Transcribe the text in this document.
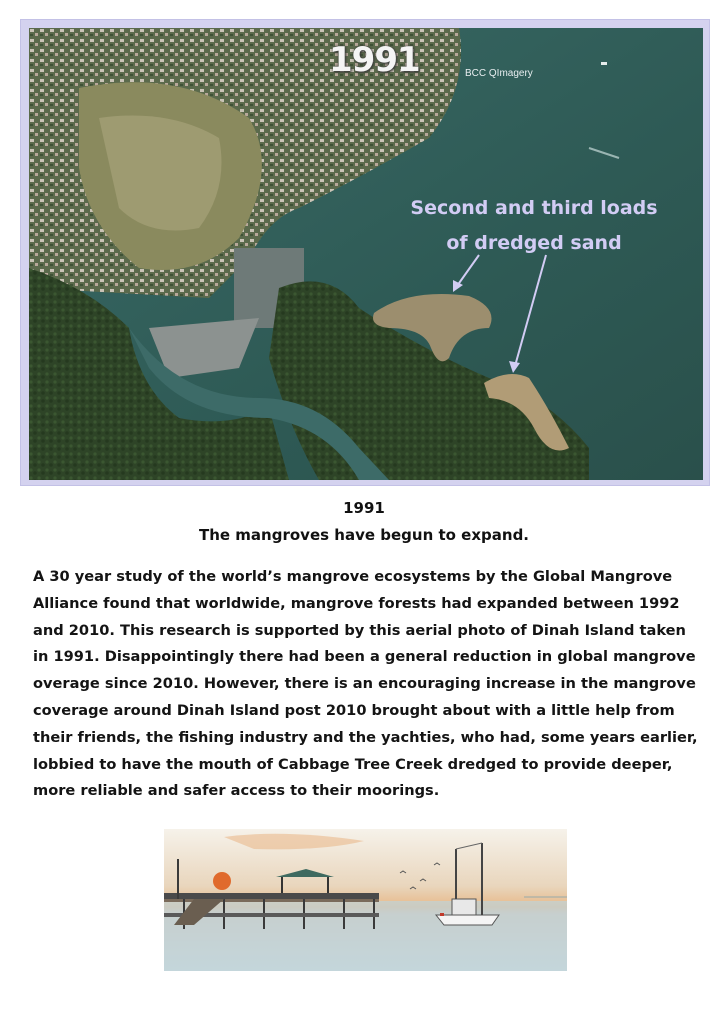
1991	BCC QImagery
Second and third loads
of dredged sand
1991
The mangroves have begun to expand.

A 30 year study of the world’s mangrove ecosystems by the Global Mangrove Alliance found that worldwide, mangrove forests had expanded between 1992 and 2010. This research is supported by this aerial photo of Dinah Island taken in 1991. Disappointingly there had been a general reduction in global mangrove overage since 2010. However, there is an encouraging increase in the mangrove coverage around Dinah Island post 2010 brought about with a little help from their friends, the fishing industry and the yachties, who had, some years earlier, lobbied to have the mouth of Cabbage Tree Creek dredged to provide deeper, more reliable and safer access to their moorings.
